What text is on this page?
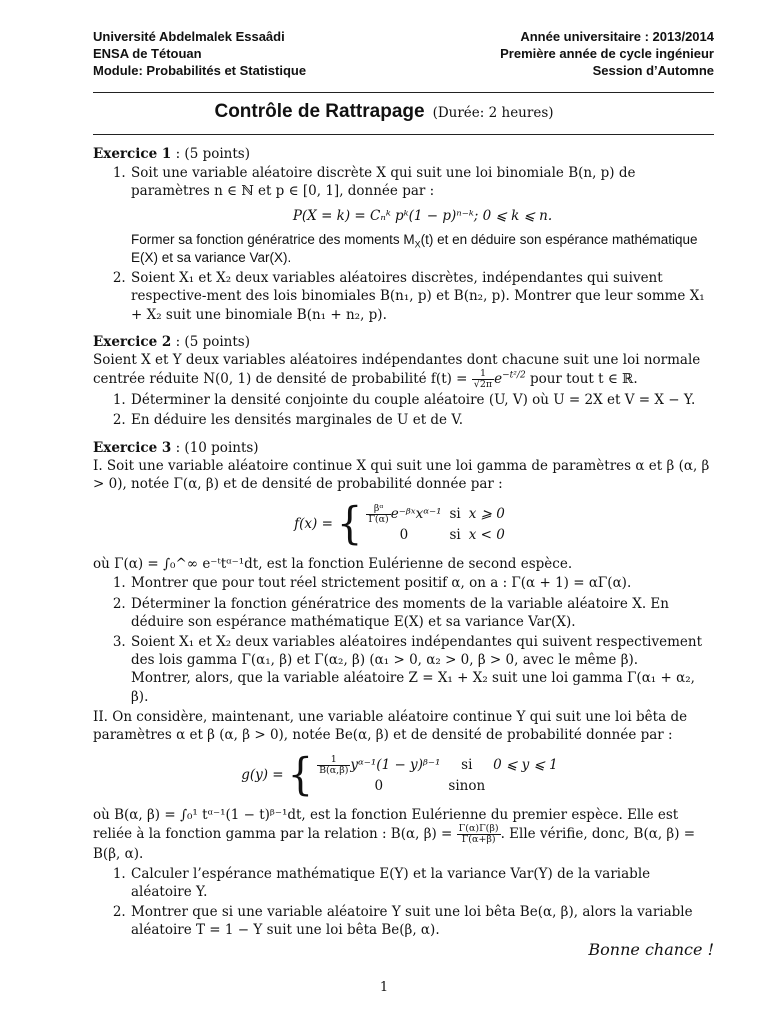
Université Abdelmalek Essaâdi
ENSA de Tétouan
Module: Probabilités et Statistique
Année universitaire : 2013/2014
Première année de cycle ingénieur
Session d’Automne
Contrôle de Rattrapage (Durée: 2 heures)

Exercice 1 : (5 points)

1. Soit une variable aléatoire discrète X qui suit une loi binomiale B(n, p) de paramètres n ∈ ℕ et p ∈ [0, 1], donnée par :
P(X = k) = Cₙᵏ pᵏ(1 − p)ⁿ⁻ᵏ; 0 ⩽ k ⩽ n.
Former sa fonction génératrice des moments $M_X(t)$ et en déduire son espérance mathématique E(X) et sa variance Var(X).
2. Soient X₁ et X₂ deux variables aléatoires discrètes, indépendantes qui suivent respective-ment des lois binomiales B(n₁, p) et B(n₂, p). Montrer que leur somme X₁ + X₂ suit une binomiale B(n₁ + n₂, p).

Exercice 2 : (5 points)

Soient X et Y deux variables aléatoires indépendantes dont chacune suit une loi normale centrée réduite N(0, 1) de densité de probabilité $f(t) = \frac{1}{√2\pi} e^{-t^2/2}$ pour tout t ∈ ℝ.

1. Déterminer la densité conjointe du couple aléatoire (U, V) où U = 2X et V = X − Y.
2. En déduire les densités marginales de U et de V.

Exercice 3 : (10 points)

I. Soit une variable aléatoire continue X qui suit une loi gamma de paramètres α et β (α, β > 0), notée Γ(α, β) et de densité de probabilité donnée par :

f(x) = { $\frac{\text{βᵅ}}{\Gamma(\alpha)}$ e⁻ᵝˣxᵅ⁻¹	si	x ⩾ 0
0	si	x < 0

où Γ(α) = ∫₀^∞ e⁻ᵗtᵅ⁻¹dt, est la fonction Eulérienne de second espèce.

1. Montrer que pour tout réel strictement positif α, on a : Γ(α + 1) = αΓ(α).
2. Déterminer la fonction génératrice des moments de la variable aléatoire X. En déduire son espérance mathématique E(X) et sa variance Var(X).
3. Soient X₁ et X₂ deux variables aléatoires indépendantes qui suivent respectivement des lois gamma Γ(α₁, β) et Γ(α₂, β) (α₁ > 0, α₂ > 0, β > 0, avec le même β).
Montrer, alors, que la variable aléatoire Z = X₁ + X₂ suit une loi gamma Γ(α₁ + α₂, β).

II. On considère, maintenant, une variable aléatoire continue Y qui suit une loi bêta de paramètres α et β (α, β > 0), notée Be(α, β) et de densité de probabilité donnée par :

g(y) = { $\frac{1}{B(\alpha,\beta)}$ yᵅ⁻¹(1 − y)ᵝ⁻¹	si	0 ⩽ y ⩽ 1
0	sinon	

où B(α, β) = ∫₀¹ tᵅ⁻¹(1 − t)ᵝ⁻¹dt, est la fonction Eulérienne du premier espèce. Elle est reliée à la fonction gamma par la relation : B(α, $\beta) = \frac{\Gamma(\alpha)\Gamma(\beta)}{\Gamma(\alpha+\beta)}$ . Elle vérifie, donc, B(α, β) = B(β, α).

1. Calculer l’espérance mathématique E(Y) et la variance Var(Y) de la variable aléatoire Y.
2. Montrer que si une variable aléatoire Y suit une loi bêta Be(α, β), alors la variable aléatoire T = 1 − Y suit une loi bêta Be(β, α).
Bonne chance !
1
